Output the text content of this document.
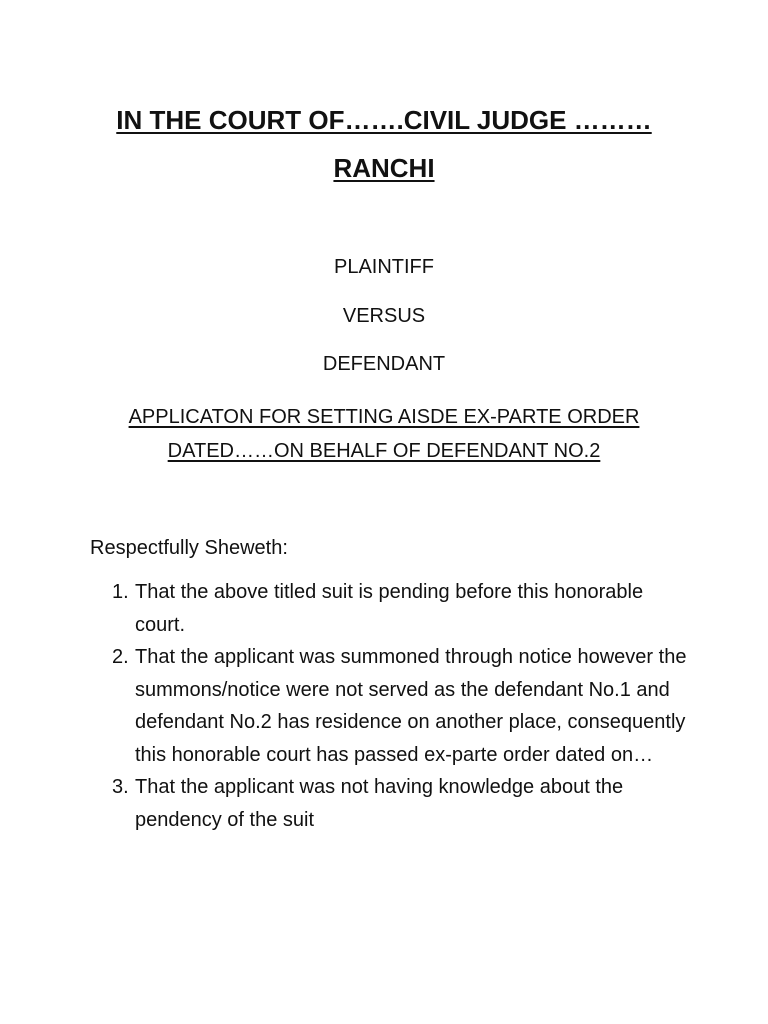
IN THE COURT OF…….CIVIL JUDGE ……… RANCHI

PLAINTIFF

VERSUS

DEFENDANT

APPLICATON FOR SETTING AISDE EX-PARTE ORDER DATED……ON BEHALF OF DEFENDANT NO.2

Respectfully Sheweth:

1. That the above titled suit is pending before this honorable court.
2. That the applicant was summoned through notice however the summons/notice were not served as the defendant No.1 and defendant No.2 has residence on another place, consequently this honorable court has passed ex-parte order dated on…
3. That the applicant was not having knowledge about the pendency of the suit
